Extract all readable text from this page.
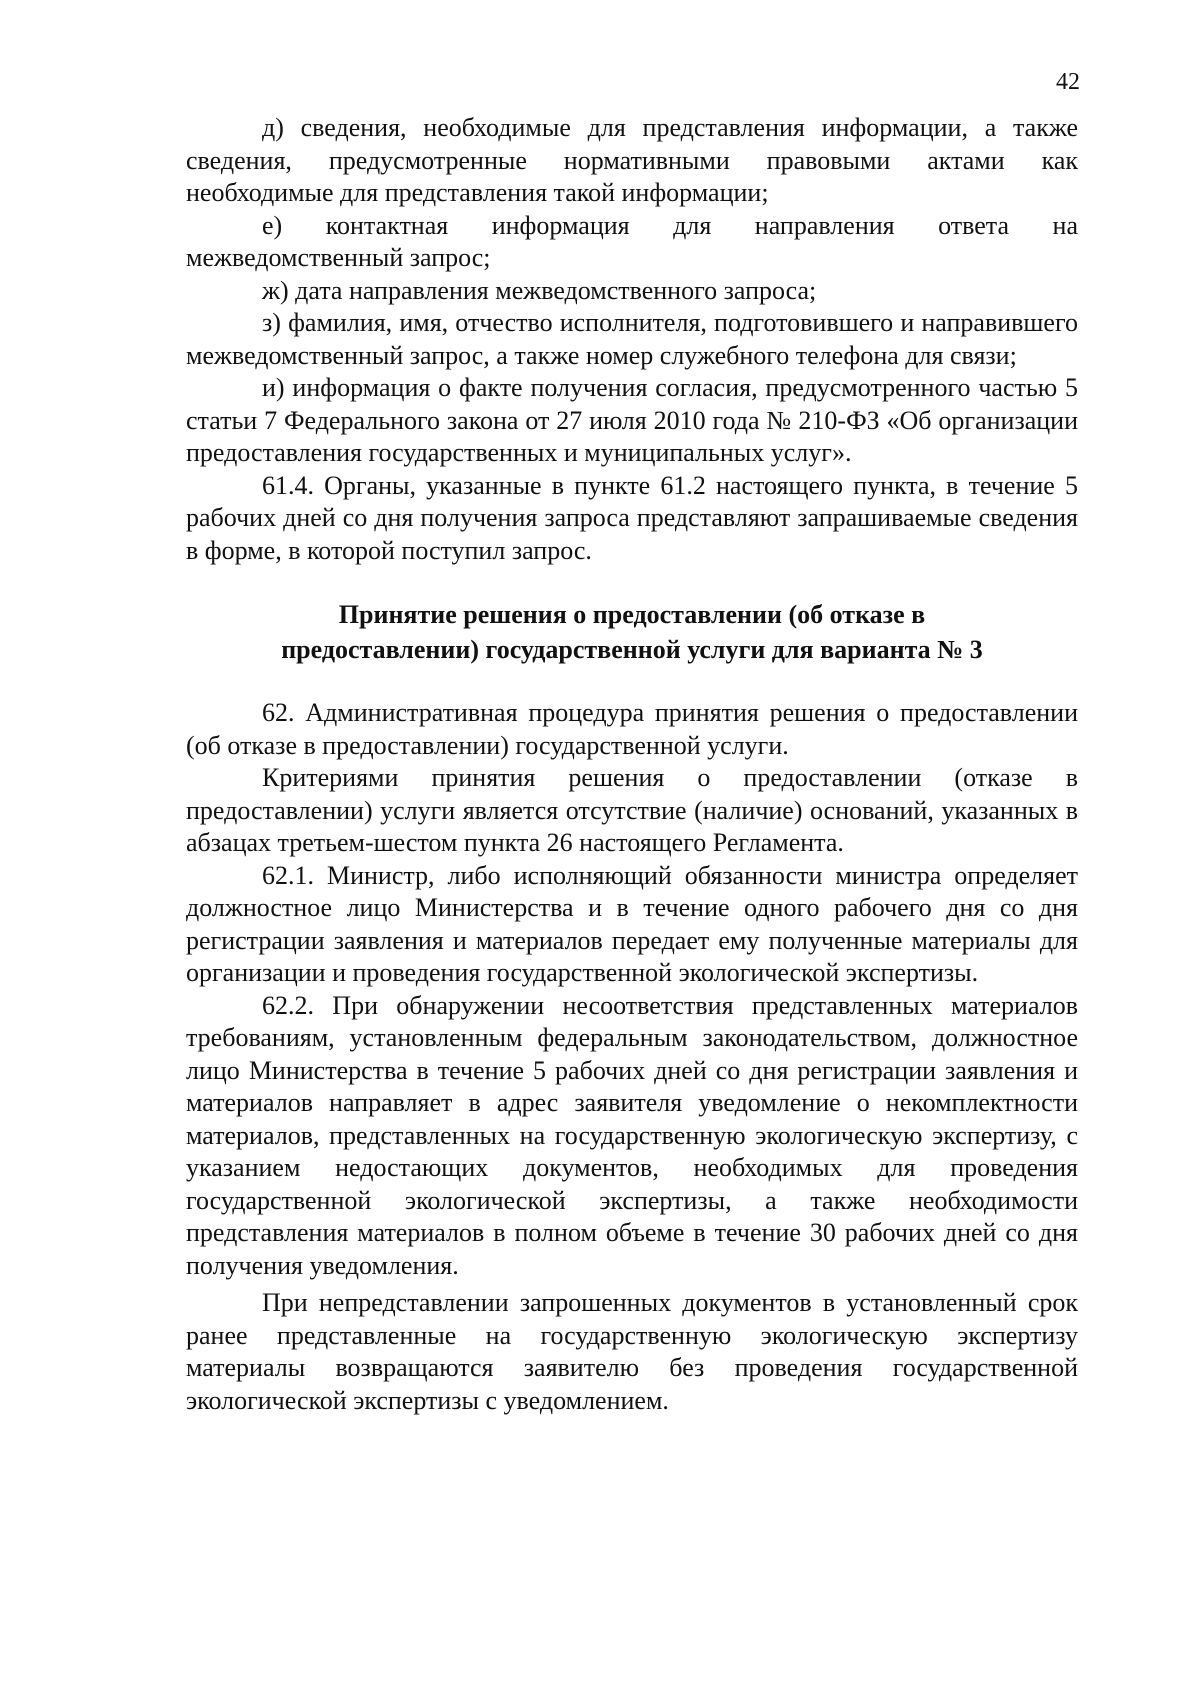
42

д) сведения, необходимые для представления информации, а также сведения, предусмотренные нормативными правовыми актами как необходимые для представления такой информации;

е) контактная информация для направления ответа на межведомственный запрос;

ж) дата направления межведомственного запроса;

з) фамилия, имя, отчество исполнителя, подготовившего и направившего межведомственный запрос, а также номер служебного телефона для связи;

и) информация о факте получения согласия, предусмотренного частью 5 статьи 7 Федерального закона от 27 июля 2010 года № 210-ФЗ «Об организации предоставления государственных и муниципальных услуг».

61.4. Органы, указанные в пункте 61.2 настоящего пункта, в течение 5 рабочих дней со дня получения запроса представляют запрашиваемые сведения в форме, в которой поступил запрос.

Принятие решения о предоставлении (об отказе в

предоставлении) государственной услуги для варианта № 3

62. Административная процедура принятия решения о предоставлении (об отказе в предоставлении) государственной услуги.

Критериями принятия решения о предоставлении (отказе в предоставлении) услуги является отсутствие (наличие) оснований, указанных в абзацах третьем-шестом пункта 26 настоящего Регламента.

62.1. Министр, либо исполняющий обязанности министра определяет должностное лицо Министерства и в течение одного рабочего дня со дня регистрации заявления и материалов передает ему полученные материалы для организации и проведения государственной экологической экспертизы.

62.2. При обнаружении несоответствия представленных материалов требованиям, установленным федеральным законодательством, должностное лицо Министерства в течение 5 рабочих дней со дня регистрации заявления и материалов направляет в адрес заявителя уведомление о некомплектности материалов, представленных на государственную экологическую экспертизу, с указанием недостающих документов, необходимых для проведения государственной экологической экспертизы, а также необходимости представления материалов в полном объеме в течение 30 рабочих дней со дня получения уведомления.

При непредставлении запрошенных документов в установленный срок ранее представленные на государственную экологическую экспертизу материалы возвращаются заявителю без проведения государственной экологической экспертизы с уведомлением.
